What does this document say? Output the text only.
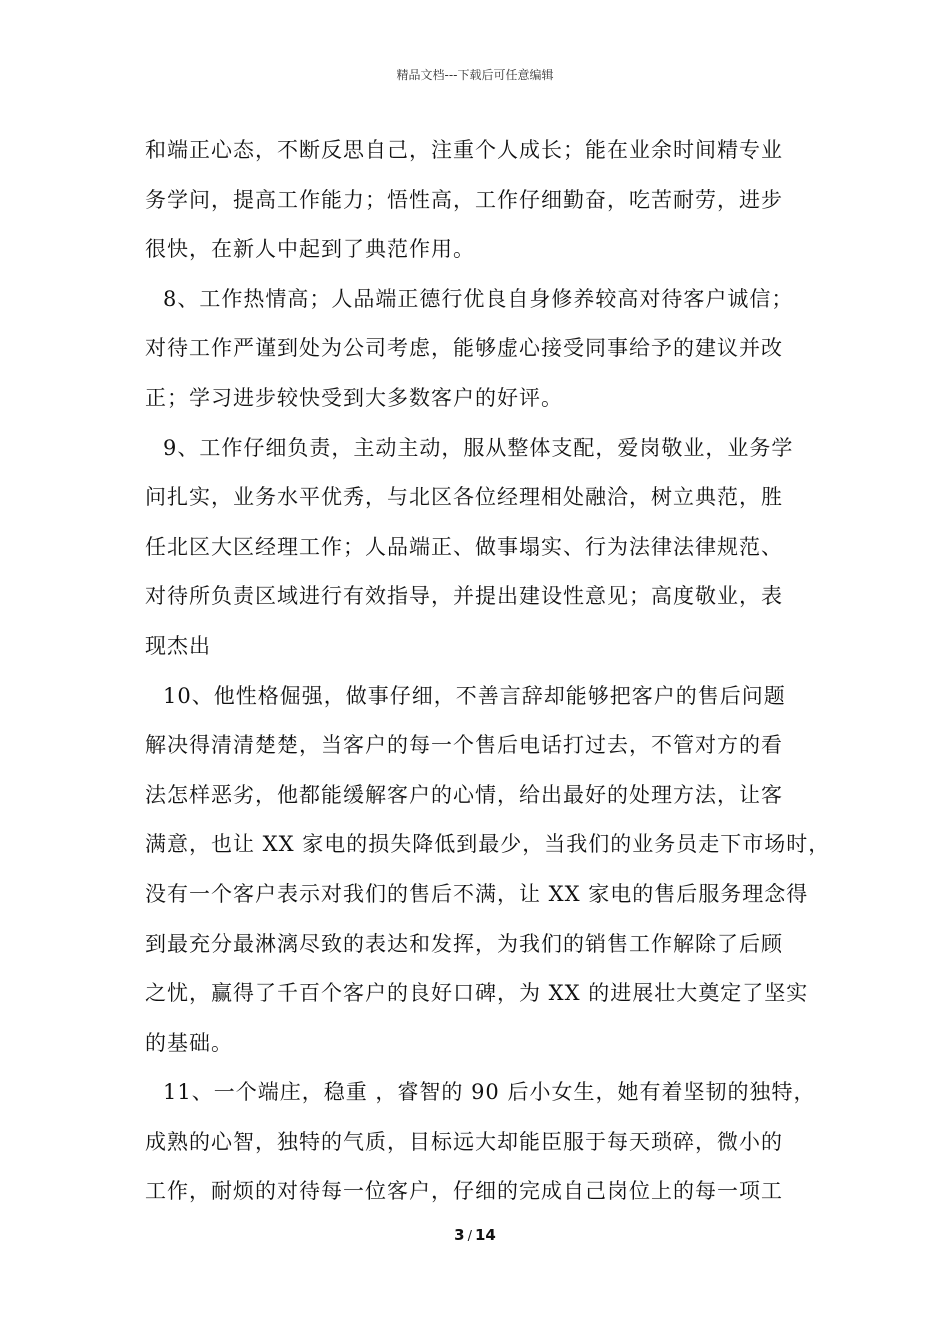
精品文档---下载后可任意编辑

和端正心态，不断反思自己，注重个人成长；能在业余时间精专业
务学问，提高工作能力；悟性高，工作仔细勤奋，吃苦耐劳，进步
很快，在新人中起到了典范作用。

8、工作热情高；人品端正德行优良自身修养较高对待客户诚信；
对待工作严谨到处为公司考虑，能够虚心接受同事给予的建议并改
正；学习进步较快受到大多数客户的好评。

9、工作仔细负责，主动主动，服从整体支配，爱岗敬业，业务学
问扎实，业务水平优秀，与北区各位经理相处融洽，树立典范，胜
任北区大区经理工作；人品端正、做事塌实、行为法律法律规范、
对待所负责区域进行有效指导，并提出建设性意见；高度敬业，表
现杰出

10、他性格倔强，做事仔细，不善言辞却能够把客户的售后问题
解决得清清楚楚，当客户的每一个售后电话打过去，不管对方的看
法怎样恶劣，他都能缓解客户的心情，给出最好的处理方法，让客
满意，也让 XX 家电的损失降低到最少，当我们的业务员走下市场时，
没有一个客户表示对我们的售后不满，让 XX 家电的售后服务理念得
到最充分最淋漓尽致的表达和发挥，为我们的销售工作解除了后顾
之忧，赢得了千百个客户的良好口碑，为 XX 的进展壮大奠定了坚实
的基础。

11、一个端庄，稳重 ，睿智的 90 后小女生，她有着坚韧的独特，
成熟的心智，独特的气质，目标远大却能臣服于每天琐碎，微小的
工作，耐烦的对待每一位客户，仔细的完成自己岗位上的每一项工

3 / 14
